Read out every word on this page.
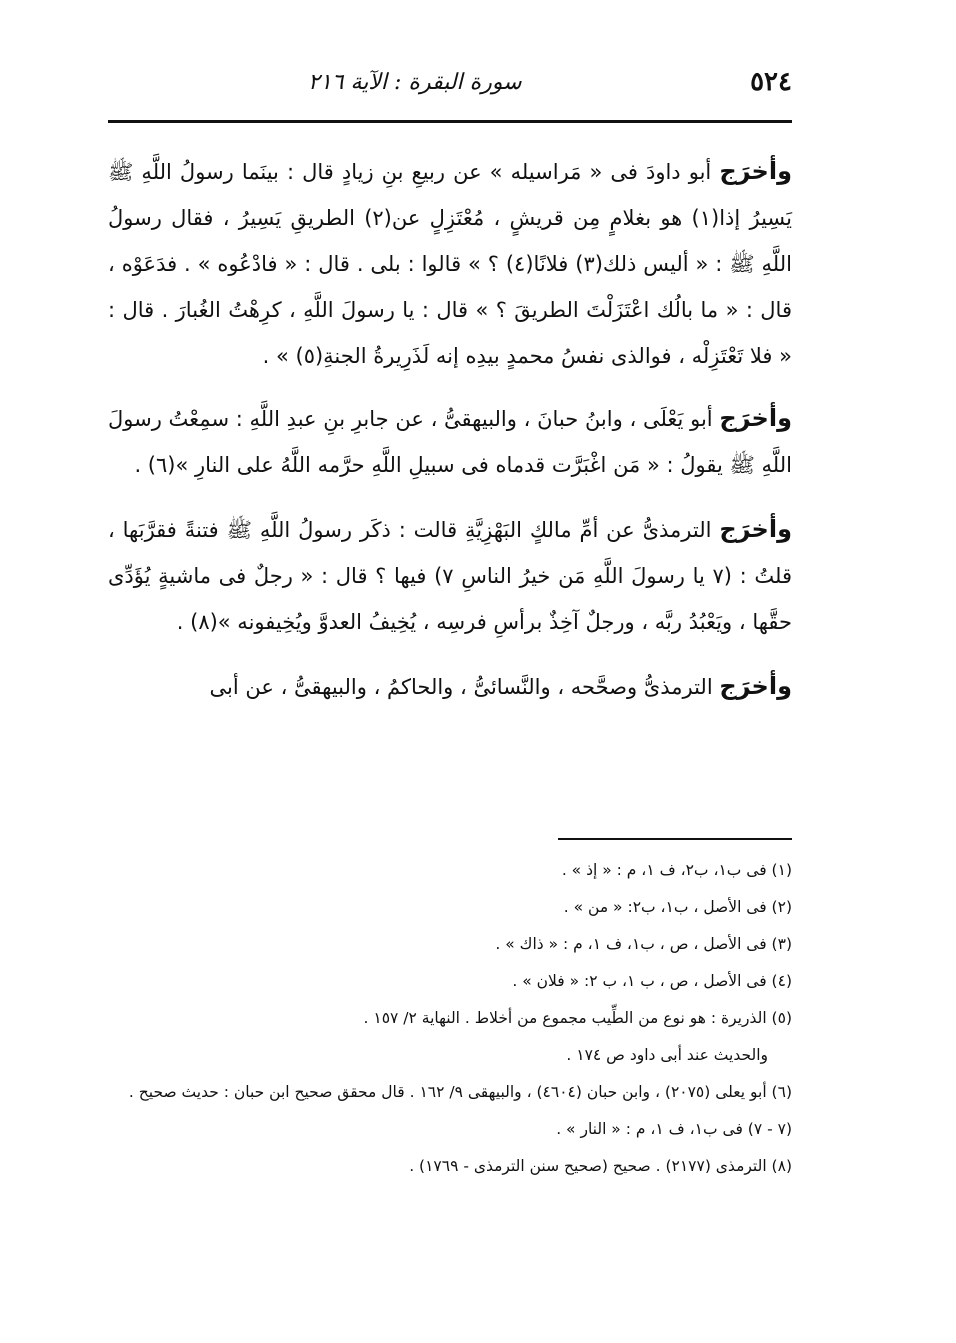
٥٢٤
سورة البقرة : الآية ٢١٦

وأخرَج أبو داودَ فى « مَراسيله » عن ربيعِ بنِ زيادٍ قال : بينَما رسولُ اللَّهِ ﷺ يَسِيرُ إذا(١) هو بغلامٍ مِن قريشٍ ، مُعْتَزِلٍ عن(٢) الطريقِ يَسِيرُ ، فقال رسولُ اللَّهِ ﷺ : « أليس ذلك(٣) فلانًا(٤) ؟ » قالوا : بلى . قال : « فادْعُوه » . فدَعَوْه ، قال : « ما بالُك اعْتَزَلْتَ الطريقَ ؟ » قال : يا رسولَ اللَّهِ ، كرِهْتُ الغُبارَ . قال : « فلا تَعْتَزِلْه ، فوالذى نفسُ محمدٍ بيدِه إنه لَذَرِيرةُ الجنةِ(٥) » .

وأخرَج أبو يَعْلَى ، وابنُ حبانَ ، والبيهقىُّ ، عن جابرِ بنِ عبدِ اللَّهِ : سمِعْتُ رسولَ اللَّهِ ﷺ يقولُ : « مَن اغْبَرَّت قدماه فى سبيلِ اللَّهِ حرَّمه اللَّهُ على النارِ »(٦) .

وأخرَج الترمذىُّ عن أمِّ مالكٍ البَهْزِيَّةِ قالت : ذكَر رسولُ اللَّهِ ﷺ فتنةً فقرَّبَها ، قلتُ : (٧ يا رسولَ اللَّهِ مَن خيرُ الناسِ ٧) فيها ؟ قال : « رجلٌ فى ماشيةٍ يُؤَدِّى حقَّها ، ويَعْبُدُ ربَّه ، ورجلٌ آخِذٌ برأسِ فرسِه ، يُخِيفُ العدوَّ ويُخِيفونه »(٨) .

وأخرَج الترمذىُّ وصحَّحه ، والنَّسائىُّ ، والحاكمُ ، والبيهقىُّ ، عن أبى

(١) فى ب١، ب٢، ف ١، م : « إذ » .

(٢) فى الأصل ، ب١، ب٢: « من » .

(٣) فى الأصل ، ص ، ب١، ف ١، م : « ذاك » .

(٤) فى الأصل ، ص ، ب ١، ب ٢: « فلان » .

(٥) الذريرة : هو نوع من الطِّيب مجموع من أخلاط . النهاية ٢/ ١٥٧ .

والحديث عند أبى داود ص ١٧٤ .

(٦) أبو يعلى (٢٠٧٥) ، وابن حبان (٤٦٠٤) ، والبيهقى ٩/ ١٦٢ . قال محقق صحيح ابن حبان : حديث صحيح .

(٧ - ٧) فى ب١، ف ١، م : « النار » .

(٨) الترمذى (٢١٧٧) . صحيح (صحيح سنن الترمذى - ١٧٦٩) .
